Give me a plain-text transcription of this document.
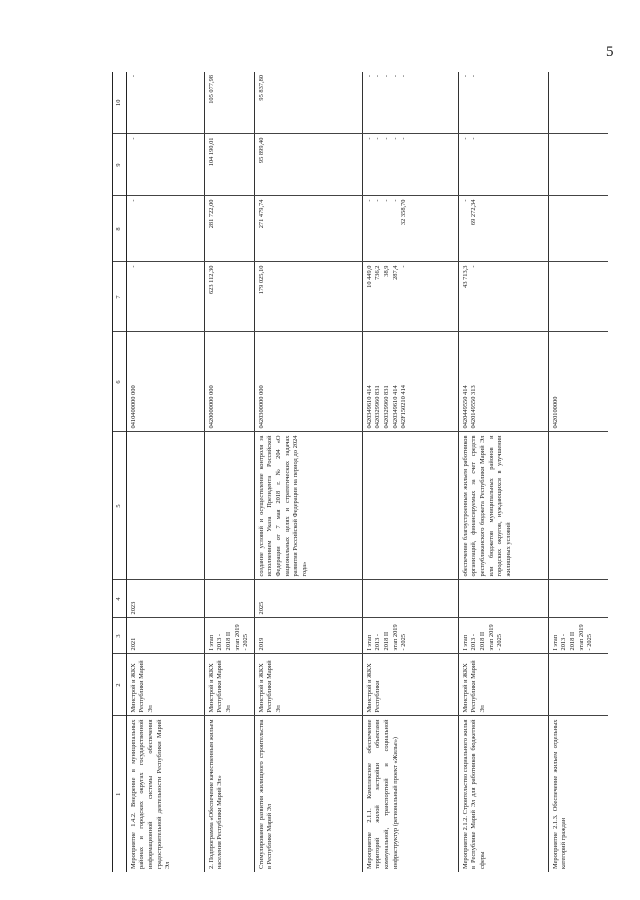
5
1	2	3	4	5	6	7	8	9	10
Мероприятие 1.4.2. Внедрение в муниципальных районах и городских округах государственной информационной системы обеспечения градостроительной деятельности Республики Марий Эл	Минстрой и ЖКХ Республики Марий Эл	2021	2023		0410400000 000	-	-	-	-

2. Подпрограмма «Обеспечение качественным жильем населения Республики Марий Эл»	Минстрой и ЖКХ Республики Марий Эл	I этап 2013 - 2018 II этап 2019 - 2025			0420000000 000	623 112,30	281 722,00	104 190,01	105 077,98

Стимулирование развития жилищного строительства в Республике Марий Эл	Минстрой и ЖКХ Республики Марий Эл	2019	2025	создание условий и осуществление контроля за исполнением Указа Президента Российской Федерации от 7 мая 2018 г. № 204 «О национальных целях и стратегических задачах развития Российской Федерации на период до 2024 года»	0420300000 000	179 025,10	271 479,74	95 899,40	95 837,80

Мероприятие 2.1.1. Комплексное обеспечение территорий жилой застройки объектами коммунальной, транспортной и социальной инфраструктур (региональный проект «Жилье»)	Минстрой и ЖКХ Республики	I этап 2013 - 2018 II этап 2019 - 2025			0420349610 414 0420329960 831 0420329960 831 0420349610 414 042F150210 414	10 449,0 736,2 38,9 287,4 -	- - - - 32 358,70	- - - - -	- - - - -

Мероприятие 2.1.2. Строительство социального жилья в Республике Марий Эл для работников бюджетной сферы	Минстрой и ЖКХ Республики Марий Эл	I этап 2013 - 2018 II этап 2019 - 2025		обеспечение благоустроенным жильем работников организаций, финансируемых за счет средств республиканского бюджета Республики Марий Эл или бюджетов муниципальных районов и городских округов, нуждающихся в улучшении жилищных условий	0420449550 414 0420149550 313	43 713,3 -	- 69 272,34	- -	- -

Мероприятие 2.1.3. Обеспечение жильем отдельных категорий граждан		I этап 2013 - 2018 II этап 2019 - 2025			0420100000				
